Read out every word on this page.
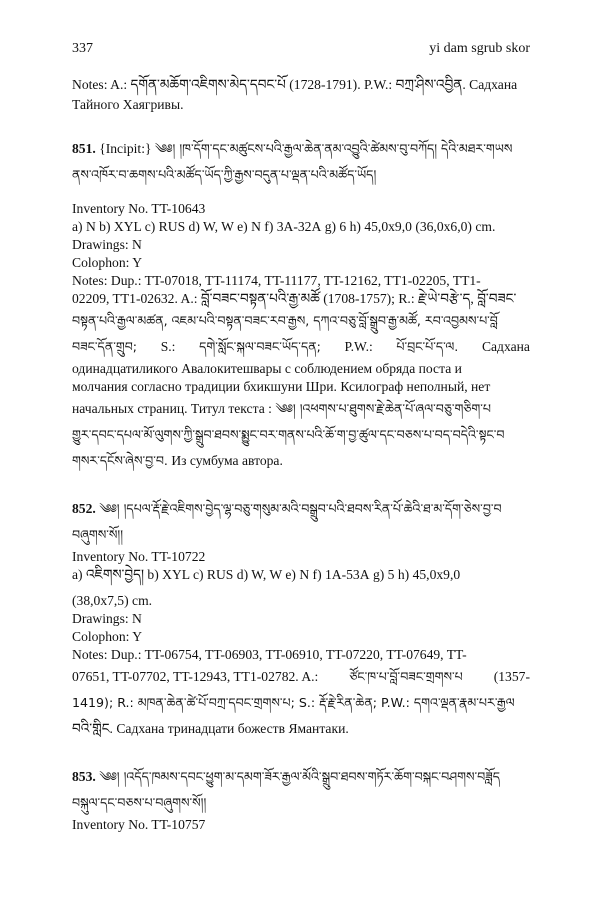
337	yi dam sgrub skor

Notes: A.: དགོན་མཆོག་འཇིགས་མེད་དབང་པོ (1728-1791). P.W.: བཀྲ་ཤིས་འབྱིན. Садхана

Тайного Хаягривы.

851. {Incipit:} ༄༅། །ཁ་དོག་དང་མཚུངས་པའི་རྒྱལ་ཆེན་ནམ་འབྱུའི་ཚེམས་བུ་བཀོད། དེའི་མཐར་གཡས
ནས་འཁོར་བ་ཆགས་པའི་མཚོད་ཡོད་ཀྱི་རྒྱས་བདུན་པ་ལྡན་པའི་མཚོད་ཡོད།

Inventory No. TT-10643

a) N b) XYL c) RUS d) W, W e) N f) 3А-32А g) 6 h) 45,0x9,0 (36,0x6,0) cm.

Drawings: N

Colophon: Y

Notes: Dup.: TT-07018, TT-11174, TT-11177, TT-12162, TT1-02205, TT1-

02209, TT1-02632. A.: བློ་བཟང་བསྟན་པའི་རྒྱ་མཚོ (1708-1757); R.: རྗེ་ཡེ་བརྩེ་ད, བློ་བཟང་

བསྟན་པའི་རྒྱལ་མཚན, འཇམ་པའི་བསྟན་བཟང་རབ་རྒྱས, དཀའ་བཅུ་བློ་སྒྲུབ་རྒྱ་མཚོ, རབ་འབྱམས་པ་བློ

བཟང་དོན་གྲུབ; S.: དགེ་སློང་སྐལ་བཟང་ཡོད་དན; P.W.: པོ་བྲང་པོ་ད་ལ. Садхана

одинадцатиликого Авалокитешвары с соблюдением обряда поста и

молчания согласно традиции бхикшуни Шри. Ксилограф неполный, нет

начальных страниц. Титул текста : ༄༅། །འཕགས་པ་ཐུགས་རྗེ་ཆེན་པོ་ཞལ་བཅུ་གཅིག་པ
གྱུར་དབང་དཔལ་མོ་ལུགས་ཀྱི་སྒྲུབ་ཐབས་སྨྱུང་བར་གནས་པའི་ཆོ་ག་བྱ་ཚུལ་དང་བཅས་པ་བད་བདེའི་སྟང་བ
གསར་དངོས་ཞེས་བྱ་བ. Из сумбума автора.
852. ༄༅། །དཔལ་རྡོ་རྗེ་འཇིགས་བྱེད་ལྷ་བཅུ་གསུམ་མའི་བསྒྲུབ་པའི་ཐབས་རིན་པོ་ཆེའི་ཐ་མ་དོག་ཅེས་བྱ་བ
བཞུགས་སོ།།

Inventory No. TT-10722

a) འཇིགས་བྱེད། b) XYL c) RUS d) W, W e) N f) 1А-53А g) 5 h) 45,0x9,0

(38,0x7,5) cm.

Drawings: N

Colophon: Y

Notes: Dup.: TT-06754, TT-06903, TT-06910, TT-07220, TT-07649, TT-

07651, TT-07702, TT-12943, TT1-02782. A.: ཙོང་ཁ་པ་བློ་བཟང་གྲགས་པ (1357-
1419); R.: མཁན་ཆེན་ཚེ་པོ་བཀྲ་དབང་གྲགས་པ; S.: རྡོ་རྗེ་རིན་ཆེན; P.W.: དགའ་ལྡན་རྣམ་པར་རྒྱལ
བའི་གླིང. Садхана тринадцати божеств Ямантаки.
853. ༄༅། །འདོད་ཁམས་དབང་ཕྱུག་མ་དམག་ཟོར་རྒྱལ་མོའི་སྒྲུབ་ཐབས་གཏོར་ཆོག་བསྐང་བཤགས་བཟློད
བསྐུལ་དང་བཅས་པ་བཞུགས་སོ།།

Inventory No. TT-10757
